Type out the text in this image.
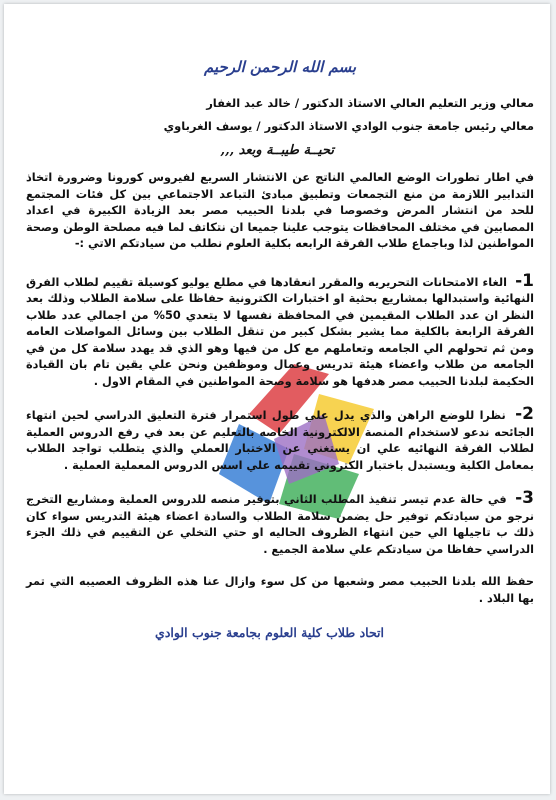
بسم الله الرحمن الرحيم

معالي وزير التعليم العالي الاستاذ الدكتور / خالد عبد الغفار

معالي رئيس جامعة جنوب الوادي الاستاذ الدكتور / يوسف الغرباوي

تحيــة طيبــة وبعد ,,,

في اطار تطورات الوضع العالمي الناتج عن الانتشار السريع لفيروس كورونا وضرورة اتخاذ التدابير اللازمة من منع التجمعات وتطبيق مبادئ التباعد الاجتماعي بين كل فئات المجتمع للحد من انتشار المرض وخصوصا في بلدنا الحبيب مصر بعد الزيادة الكبيرة في اعداد المصابين في مختلف المحافظات يتوجب علينا جميعا ان نتكاتف لما فيه مصلحة الوطن وصحة المواطنين لذا وباجماع طلاب الفرقة الرابعه بكلية العلوم نطلب من سيادتكم الاتي :-

1- الغاء الامتحانات التحريريه والمقرر انعقادها في مطلع يوليو كوسيلة تقييم لطلاب الفرق النهائية واستبدالها بمشاريع بحثية او اختبارات الكترونية حفاظا على سلامة الطلاب وذلك بعد النظر ان عدد الطلاب المقيمين في المحافظة نفسها لا يتعدي 50% من اجمالي عدد طلاب الفرقة الرابعة بالكلية مما يشير بشكل كبير من تنقل الطلاب بين وسائل المواصلات العامه ومن ثم تحولهم الي الجامعه وتعاملهم مع كل من فيها وهو الذي قد يهدد سلامة كل من في الجامعه من طلاب واعضاء هيئة تدريس وعمال وموظفين ونحن علي يقين تام بان القيادة الحكيمة لبلدنا الحبيب مصر هدفها هو سلامة وصحة المواطنين في المقام الاول .

2- نظرا للوضع الراهن والذي يدل علي طول استمرار فترة التعليق الدراسي لحين انتهاء الجائحه ندعو لاستخدام المنصة الالكترونية الخاصه بالتعليم عن بعد في رفع الدروس العملية لطلاب الفرقة النهائيه علي ان يستغني عن الاختبار العملي والذي يتطلب تواجد الطلاب بمعامل الكلية ويستبدل باختبار الكتروني تقييمه علي اسس الدروس المعملية العملية .

3- في حالة عدم تيسر تنفيذ المطلب الثاني بتوفير منصه للدروس العملية ومشاريع التخرج نرجو من سيادتكم توفير حل يضمن سلامة الطلاب والسادة اعضاء هيئة التدريس سواء كان ذلك ب تاجيلها الي حين انتهاء الظروف الحاليه او حتي التخلي عن التقييم في ذلك الجزء الدراسي حفاظا من سيادتكم علي سلامة الجميع .

حفظ الله بلدنا الحبيب مصر وشعبها من كل سوء وازال عنا هذه الظروف العصيبه التي تمر بها البلاد .

اتحاد طلاب كلية العلوم بجامعة جنوب الوادي
